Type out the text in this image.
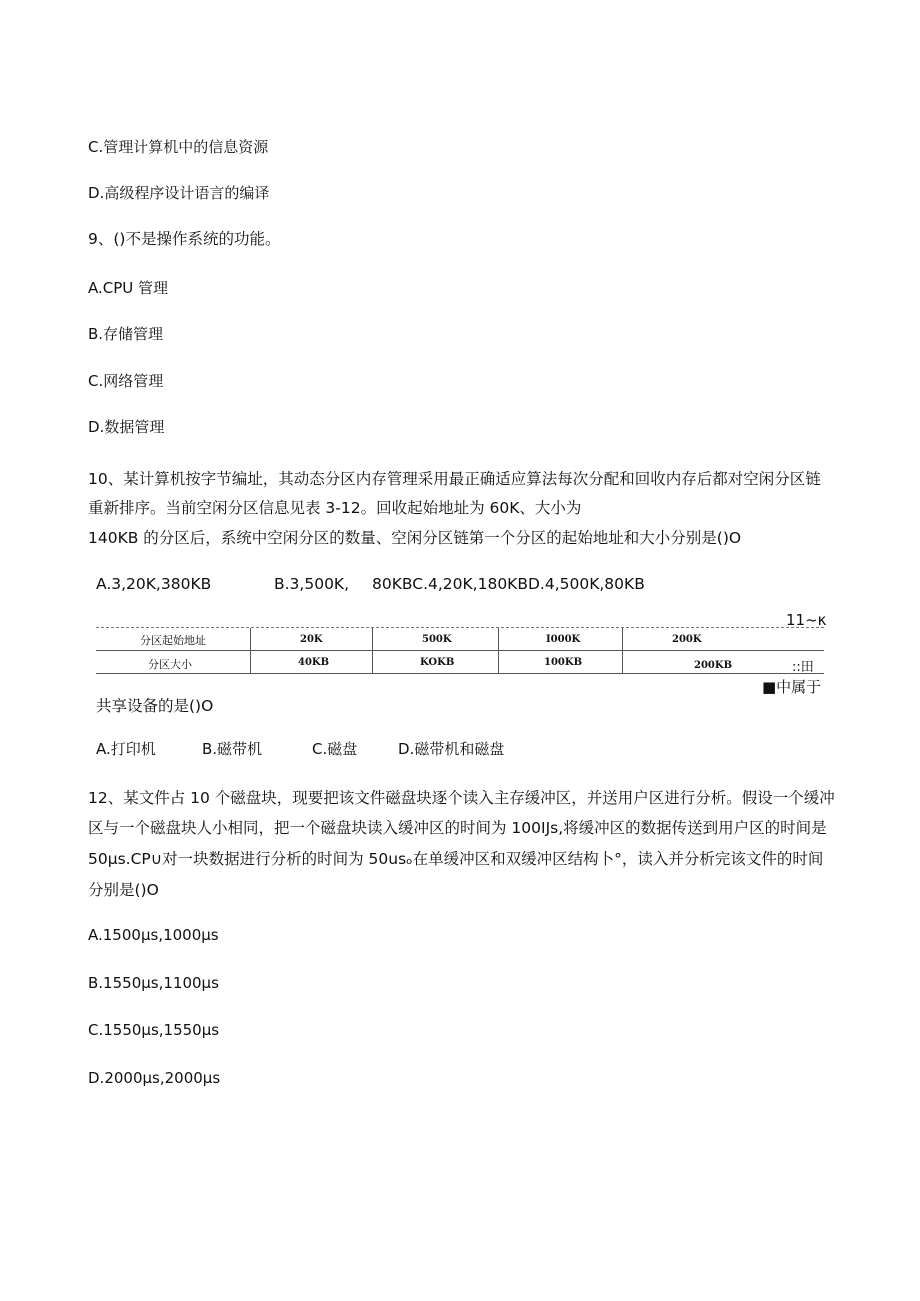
C.管理计算机中的信息资源
D.高级程序设计语言的编译
9、()不是操作系统的功能。
A.CPU 管理
B.存储管理
C.网络管理
D.数据管理
10、某计算机按字节编址，其动态分区内存管理采用最正确适应算法每次分配和回收内存后都对空闲分区链
重新排序。当前空闲分区信息见表 3-12。回收起始地址为 60K、大小为
140KB 的分区后，系统中空闲分区的数量、空闲分区链第一个分区的起始地址和大小分别是()O
A.3,20K,380KB	B.3,500K, 80KBC.4,20K,180KBD.4,500K,80KB
11~κ
分区起始地址	20K	500K	I000K	200K
分区大小	40KB	KOKB	100KB	200KB	::田
■中属于
共享设备的是()O
A.打印机	B.磁带机	C.磁盘	D.磁带机和磁盘
12、某文件占 10 个磁盘块，现要把该文件磁盘块逐个读入主存缓冲区，并送用户区进行分析。假设一个缓冲
区与一个磁盘块人小相同，把一个磁盘块读入缓冲区的时间为 100IJs,将缓冲区的数据传送到用户区的时间是
50μs.CP∪对一块数据进行分析的时间为 50usₒ在单缓冲区和双缓冲区结构卜°，读入并分析完该文件的时间
分别是()O
A.1500μs,1000μs
B.1550μs,1100μs
C.1550μs,1550μs
D.2000μs,2000μs
